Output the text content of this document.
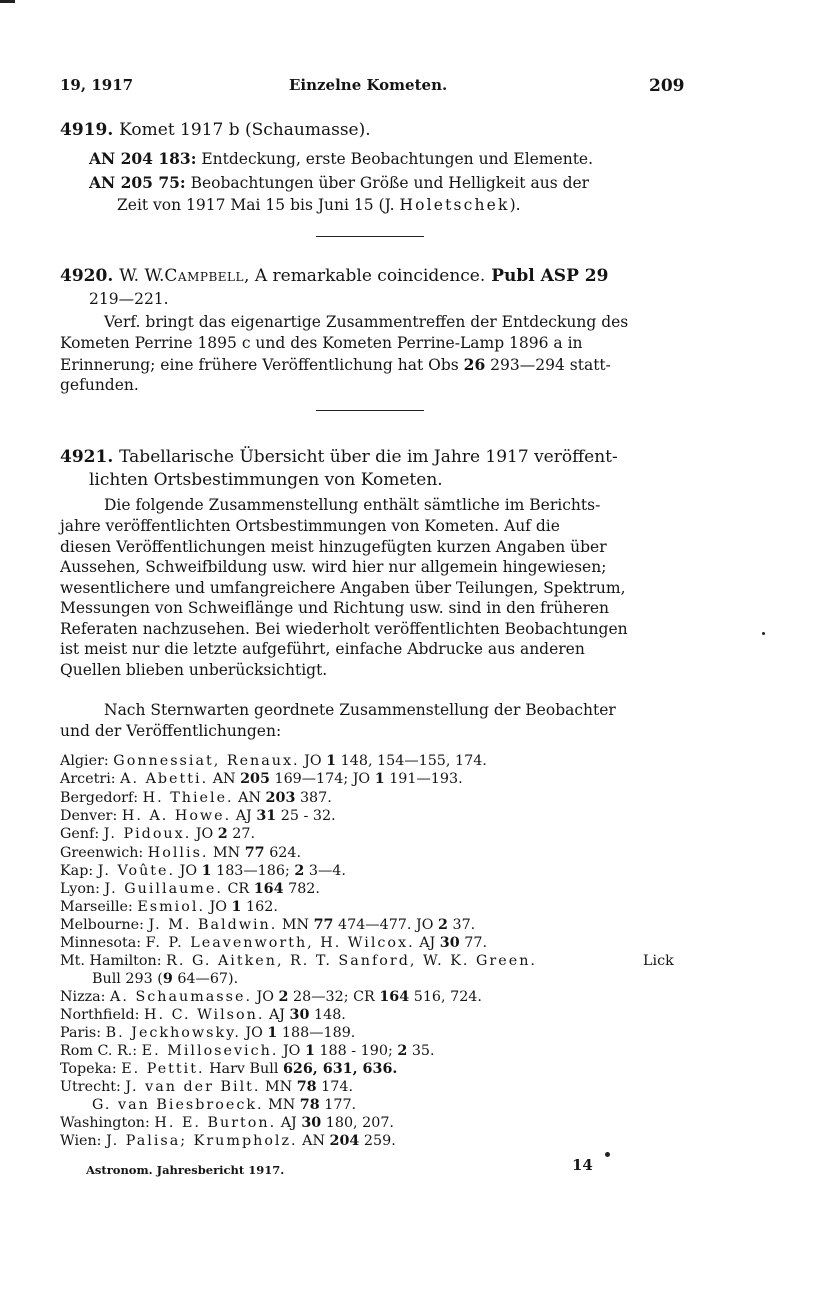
19, 1917	Einzelne Kometen.	209
4919. Komet 1917 b (Schaumasse).
AN 204 183: Entdeckung, erste Beobachtungen und Elemente.
AN 205 75: Beobachtungen über Größe und Helligkeit aus der
Zeit von 1917 Mai 15 bis Juni 15 (J. Holetschek).
4920. W. W.Campbell, A remarkable coincidence. Publ ASP 29
219—221.
Verf. bringt das eigenartige Zusammentreffen der Entdeckung des
Kometen Perrine 1895 c und des Kometen Perrine-Lamp 1896 a in
Erinnerung; eine frühere Veröffentlichung hat Obs 26 293—294 statt-
gefunden.
4921. Tabellarische Übersicht über die im Jahre 1917 veröffent-
lichten Ortsbestimmungen von Kometen.
Die folgende Zusammenstellung enthält sämtliche im Berichts-
jahre veröffentlichten Ortsbestimmungen von Kometen. Auf die
diesen Veröffentlichungen meist hinzugefügten kurzen Angaben über
Aussehen, Schweifbildung usw. wird hier nur allgemein hingewiesen;
wesentlichere und umfangreichere Angaben über Teilungen, Spektrum,
Messungen von Schweiflänge und Richtung usw. sind in den früheren
Referaten nachzusehen. Bei wiederholt veröffentlichten Beobachtungen
ist meist nur die letzte aufgeführt, einfache Abdrucke aus anderen
Quellen blieben unberücksichtigt.
Nach Sternwarten geordnete Zusammenstellung der Beobachter
und der Veröffentlichungen:
Algier: Gonnessiat, Renaux. JO 1 148, 154—155, 174.
Arcetri: A. Abetti. AN 205 169—174; JO 1 191—193.
Bergedorf: H. Thiele. AN 203 387.
Denver: H. A. Howe. AJ 31 25 - 32.
Genf: J. Pidoux. JO 2 27.
Greenwich: Hollis. MN 77 624.
Kap: J. Voûte. JO 1 183—186; 2 3—4.
Lyon: J. Guillaume. CR 164 782.
Marseille: Esmiol. JO 1 162.
Melbourne: J. M. Baldwin. MN 77 474—477. JO 2 37.
Minnesota: F. P. Leavenworth, H. Wilcox. AJ 30 77.
Mt. Hamilton: R. G. Aitken, R. T. Sanford, W. K. Green.	Lick
Bull 293 (9 64—67).
Nizza: A. Schaumasse. JO 2 28—32; CR 164 516, 724.
Northfield: H. C. Wilson. AJ 30 148.
Paris: B. Jeckhowsky. JO 1 188—189.
Rom C. R.: E. Millosevich. JO 1 188 - 190; 2 35.
Topeka: E. Pettit. Harv Bull 626, 631, 636.
Utrecht: J. van der Bilt. MN 78 174.
G. van Biesbroeck. MN 78 177.
Washington: H. E. Burton. AJ 30 180, 207.
Wien: J. Palisa; Krumpholz. AN 204 259.
Astronom. Jahresbericht 1917.	14
